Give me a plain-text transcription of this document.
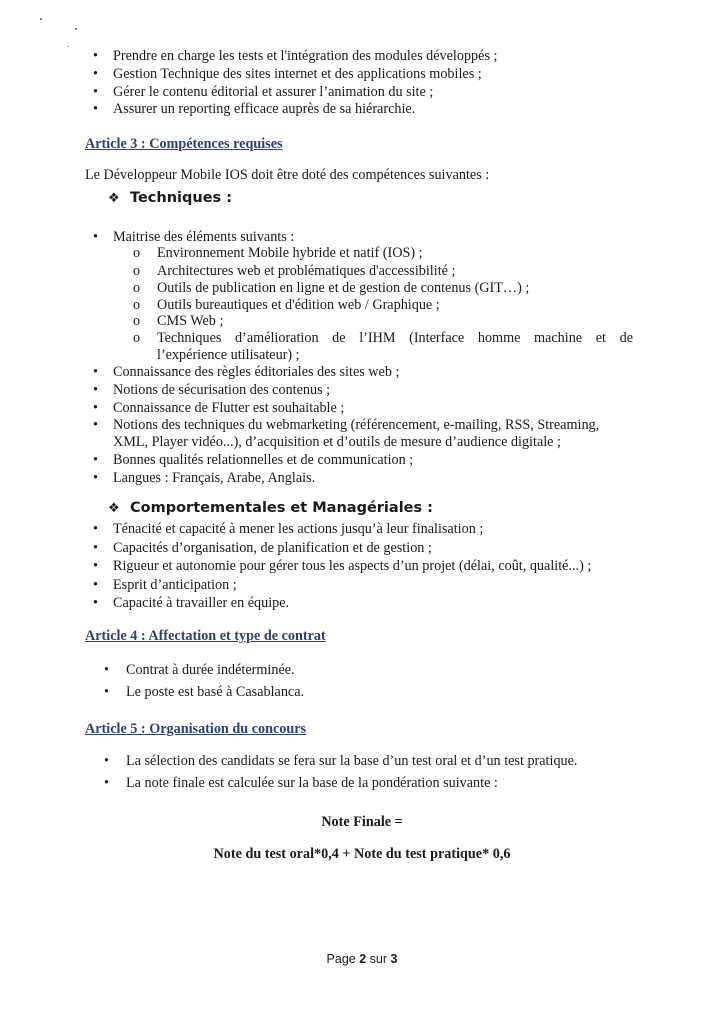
• Prendre en charge les tests et l'intégration des modules développés ;
• Gestion Technique des sites internet et des applications mobiles ;
• Gérer le contenu éditorial et assurer l’animation du site ;
• Assurer un reporting efficace auprès de sa hiérarchie.
Article 3 : Compétences requises
Le Développeur Mobile IOS doit être doté des compétences suivantes :
❖ Techniques :
• Maitrise des éléments suivants :
o Environnement Mobile hybride et natif (IOS) ;
o Architectures web et problématiques d'accessibilité ;
o Outils de publication en ligne et de gestion de contenus (GIT…) ;
o Outils bureautiques et d'édition web / Graphique ;
o CMS Web ;
o Techniques d’amélioration de l’IHM (Interface homme machine et de
l’expérience utilisateur) ;
• Connaissance des règles éditoriales des sites web ;
• Notions de sécurisation des contenus ;
• Connaissance de Flutter est souhaitable ;
• Notions des techniques du webmarketing (référencement, e-mailing, RSS, Streaming,
XML, Player vidéo...), d’acquisition et d’outils de mesure d’audience digitale ;
• Bonnes qualités relationnelles et de communication ;
• Langues : Français, Arabe, Anglais.
❖ Comportementales et Managériales :
• Ténacité et capacité à mener les actions jusqu’à leur finalisation ;
• Capacités d’organisation, de planification et de gestion ;
• Rigueur et autonomie pour gérer tous les aspects d’un projet (délai, coût, qualité...) ;
• Esprit d’anticipation ;
• Capacité à travailler en équipe.
Article 4 : Affectation et type de contrat
• Contrat à durée indéterminée.
• Le poste est basé à Casablanca.
Article 5 : Organisation du concours
• La sélection des candidats se fera sur la base d’un test oral et d’un test pratique.
• La note finale est calculée sur la base de la pondération suivante :
Note Finale =
Note du test oral*0,4 + Note du test pratique* 0,6
Page 2 sur 3
